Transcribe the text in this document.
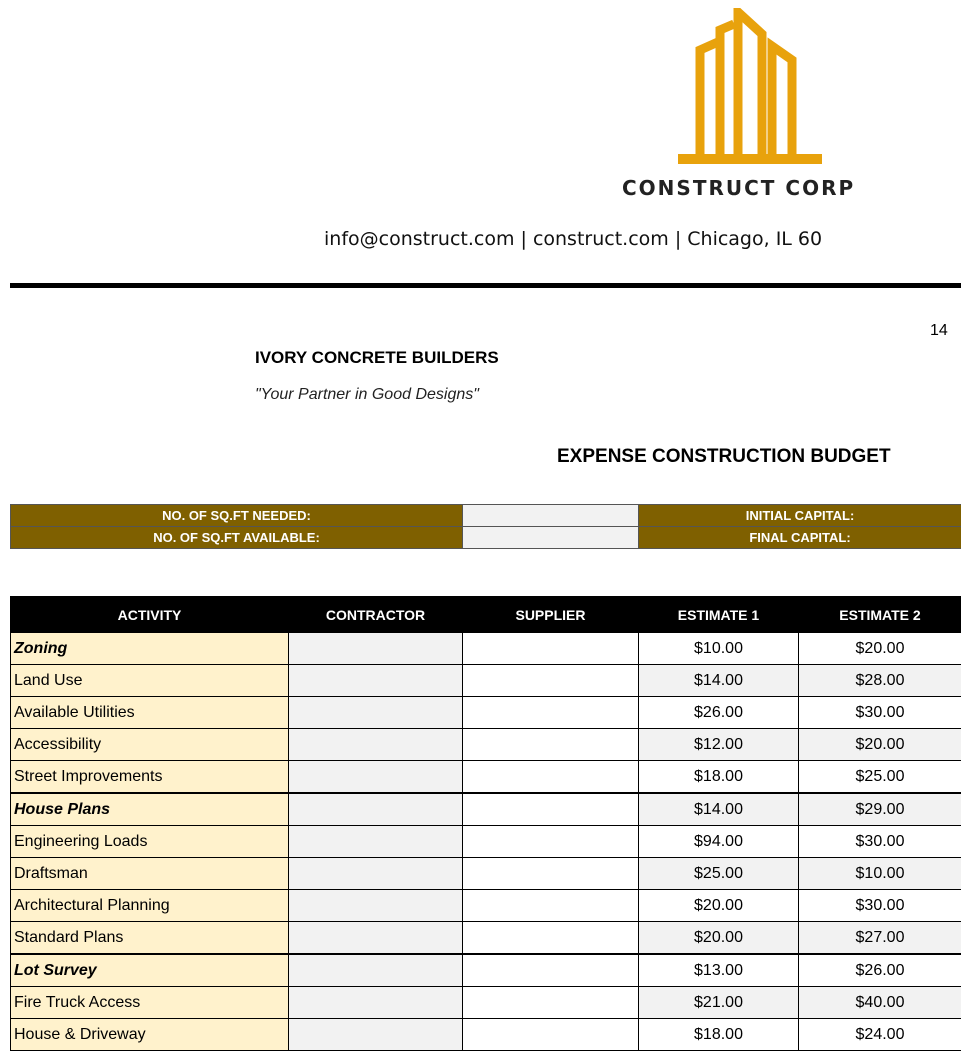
CONSTRUCT CORP
info@construct.com | construct.com | Chicago, IL 60
14
IVORY CONCRETE BUILDERS
"Your Partner in Good Designs"
EXPENSE CONSTRUCTION BUDGET
NO. OF SQ.FT NEEDED:		INITIAL CAPITAL:
NO. OF SQ.FT AVAILABLE:		FINAL CAPITAL:
ACTIVITY	CONTRACTOR	SUPPLIER	ESTIMATE 1	ESTIMATE 2
Zoning			$10.00	$20.00
Land Use			$14.00	$28.00
Available Utilities			$26.00	$30.00
Accessibility			$12.00	$20.00
Street Improvements			$18.00	$25.00
House Plans			$14.00	$29.00
Engineering Loads			$94.00	$30.00
Draftsman			$25.00	$10.00
Architectural Planning			$20.00	$30.00
Standard Plans			$20.00	$27.00
Lot Survey			$13.00	$26.00
Fire Truck Access			$21.00	$40.00
House & Driveway			$18.00	$24.00
